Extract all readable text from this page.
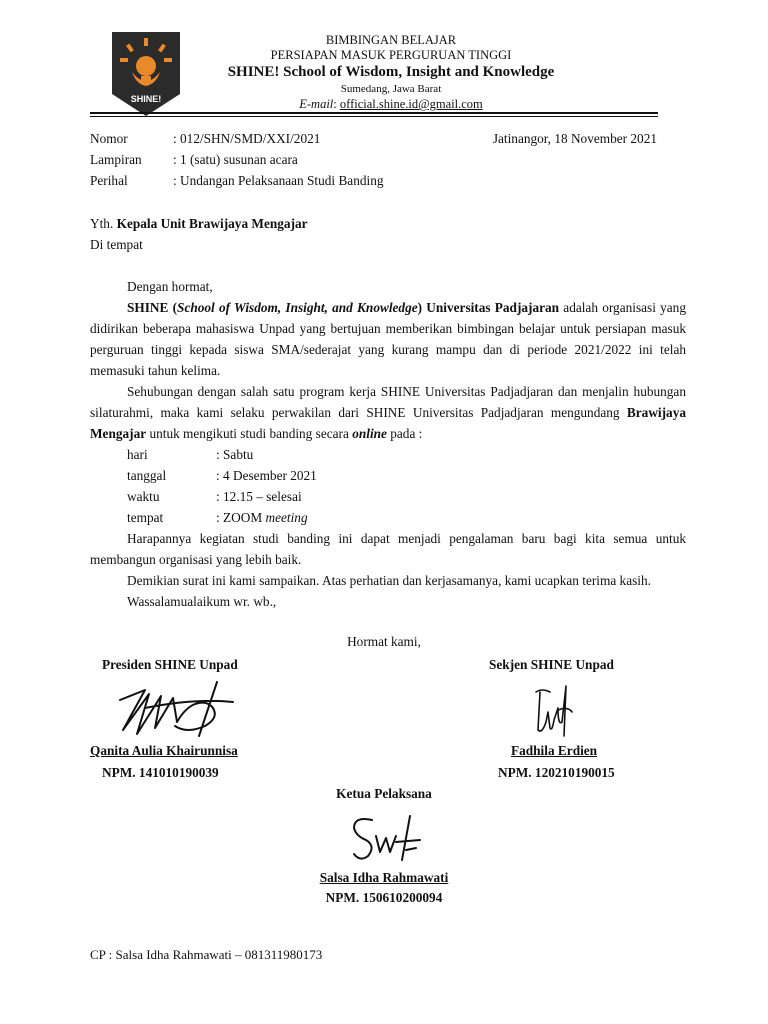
SHINE!
BIMBINGAN BELAJAR
PERSIAPAN MASUK PERGURUAN TINGGI
SHINE! School of Wisdom, Insight and Knowledge
Sumedang, Jawa Barat
E-mail: official.shine.id@gmail.com
Nomor	: 012/SHN/SMD/XXI/2021	Jatinangor, 18 November 2021
Lampiran : 1 (satu) susunan acara
Perihal	: Undangan Pelaksanaan Studi Banding
Yth. Kepala Unit Brawijaya Mengajar
Di tempat

Dengan hormat,

SHINE (School of Wisdom, Insight, and Knowledge) Universitas Padjajaran adalah organisasi yang didirikan beberapa mahasiswa Unpad yang bertujuan memberikan bimbingan belajar untuk persiapan masuk perguruan tinggi kepada siswa SMA/sederajat yang kurang mampu dan di periode 2021/2022 ini telah memasuki tahun kelima.

Sehubungan dengan salah satu program kerja SHINE Universitas Padjadjaran dan menjalin hubungan silaturahmi, maka kami selaku perwakilan dari SHINE Universitas Padjadjaran mengundang Brawijaya Mengajar untuk mengikuti studi banding secara online pada :

hari	: Sabtu
tanggal	: 4 Desember 2021
waktu	: 12.15 – selesai
tempat	: ZOOM meeting

Harapannya kegiatan studi banding ini dapat menjadi pengalaman baru bagi kita semua untuk membangun organisasi yang lebih baik.

Demikian surat ini kami sampaikan. Atas perhatian dan kerjasamanya, kami ucapkan terima kasih.

Wassalamualaikum wr. wb.,

Hormat kami,
Presiden SHINE Unpad	Sekjen SHINE Unpad
Qanita Aulia Khairunnisa	Fadhila Erdien
NPM. 141010190039	NPM. 120210190015
Ketua Pelaksana
Salsa Idha Rahmawati
NPM. 150610200094
CP : Salsa Idha Rahmawati – 081311980173
